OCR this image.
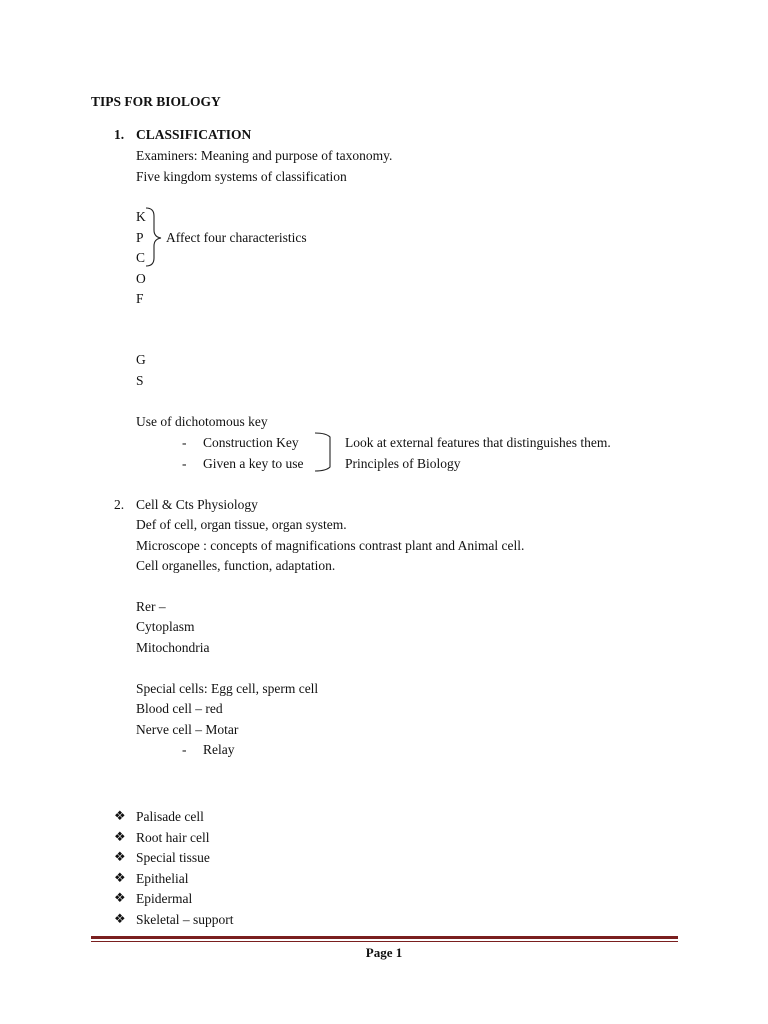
TIPS FOR BIOLOGY
1. CLASSIFICATION
Examiners: Meaning and purpose of taxonomy.
Five kingdom systems of classification
K
P
C
O
F
G
S
Affect four characteristics
Use of dichotomous key
- Construction Key
- Given a key to use
Look at external features that distinguishes them.
Principles of Biology
2. Cell & Cts Physiology
Def of cell, organ tissue, organ system.
Microscope : concepts of magnifications contrast plant and Animal cell.
Cell organelles, function, adaptation.
Rer –
Cytoplasm
Mitochondria
Special cells: Egg cell, sperm cell
Blood cell – red
Nerve cell – Motar
- Relay
❖ Palisade cell
❖ Root hair cell
❖ Special tissue
❖ Epithelial
❖ Epidermal
❖ Skeletal – support
Page 1
